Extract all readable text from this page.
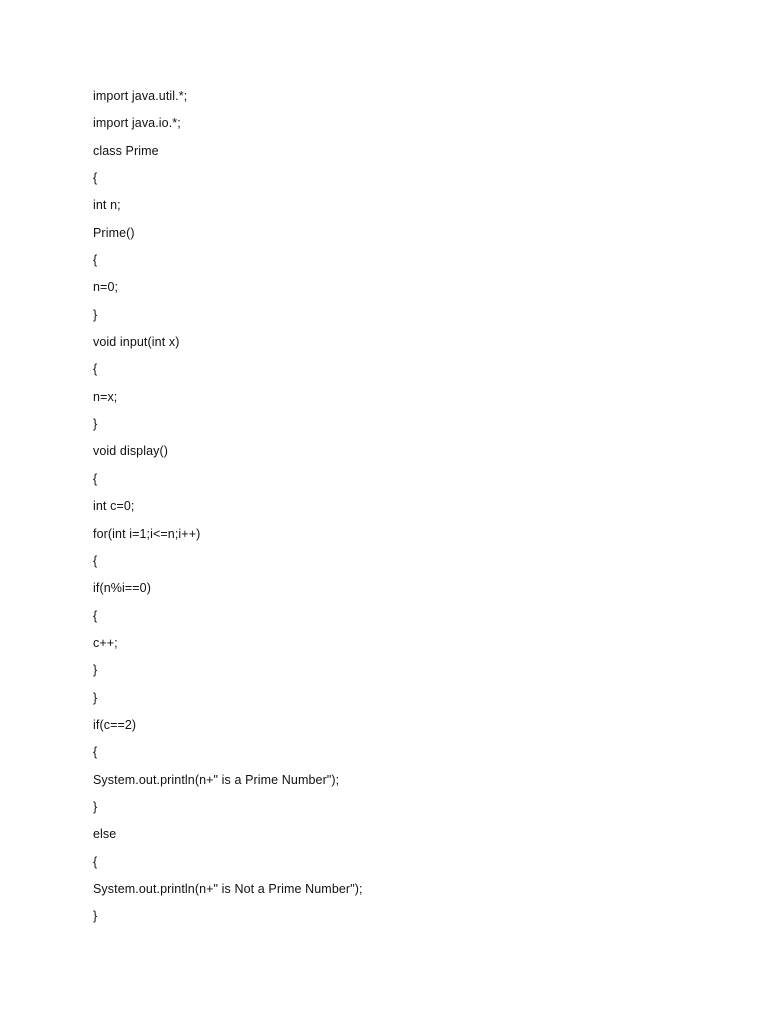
import java.util.*;
import java.io.*;
class Prime
{
int n;
Prime()
{
n=0;
}
void input(int x)
{
n=x;
}
void display()
{
int c=0;
for(int i=1;i<=n;i++)
{
if(n%i==0)
{
c++;
}
}
if(c==2)
{
System.out.println(n+" is a Prime Number");
}
else
{
System.out.println(n+" is Not a Prime Number");
}
